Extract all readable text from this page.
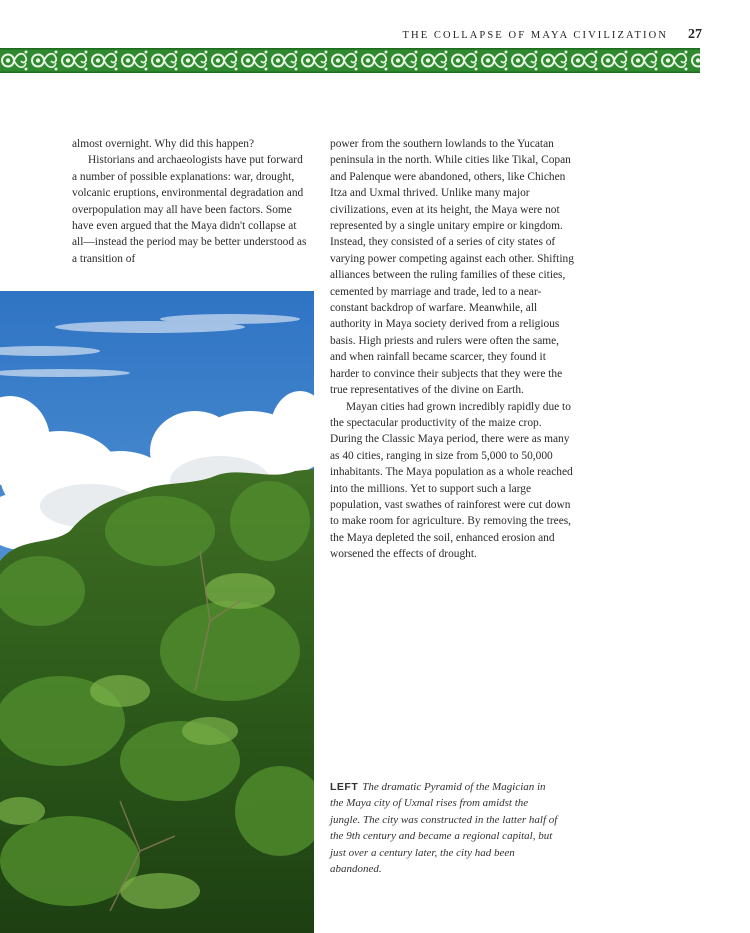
THE COLLAPSE OF MAYA CIVILIZATION	27

almost overnight. Why did this happen?

Historians and archaeologists have put forward a number of possible explanations: war, drought, volcanic eruptions, environmental degradation and overpopulation may all have been factors. Some have even argued that the Maya didn't collapse at all—instead the period may be better understood as a transition of

power from the southern lowlands to the Yucatan peninsula in the north. While cities like Tikal, Copan and Palenque were abandoned, others, like Chichen Itza and Uxmal thrived. Unlike many major civilizations, even at its height, the Maya were not represented by a single unitary empire or kingdom. Instead, they consisted of a series of city states of varying power competing against each other. Shifting alliances between the ruling families of these cities, cemented by marriage and trade, led to a near-constant backdrop of warfare. Meanwhile, all authority in Maya society derived from a religious basis. High priests and rulers were often the same, and when rainfall became scarcer, they found it harder to convince their subjects that they were the true representatives of the divine on Earth.

Mayan cities had grown incredibly rapidly due to the spectacular productivity of the maize crop. During the Classic Maya period, there were as many as 40 cities, ranging in size from 5,000 to 50,000 inhabitants. The Maya population as a whole reached into the millions. Yet to support such a large population, vast swathes of rainforest were cut down to make room for agriculture. By removing the trees, the Maya depleted the soil, enhanced erosion and worsened the effects of drought.

LEFT The dramatic Pyramid of the Magician in the Maya city of Uxmal rises from amidst the jungle. The city was constructed in the latter half of the 9th century and became a regional capital, but just over a century later, the city had been abandoned.
